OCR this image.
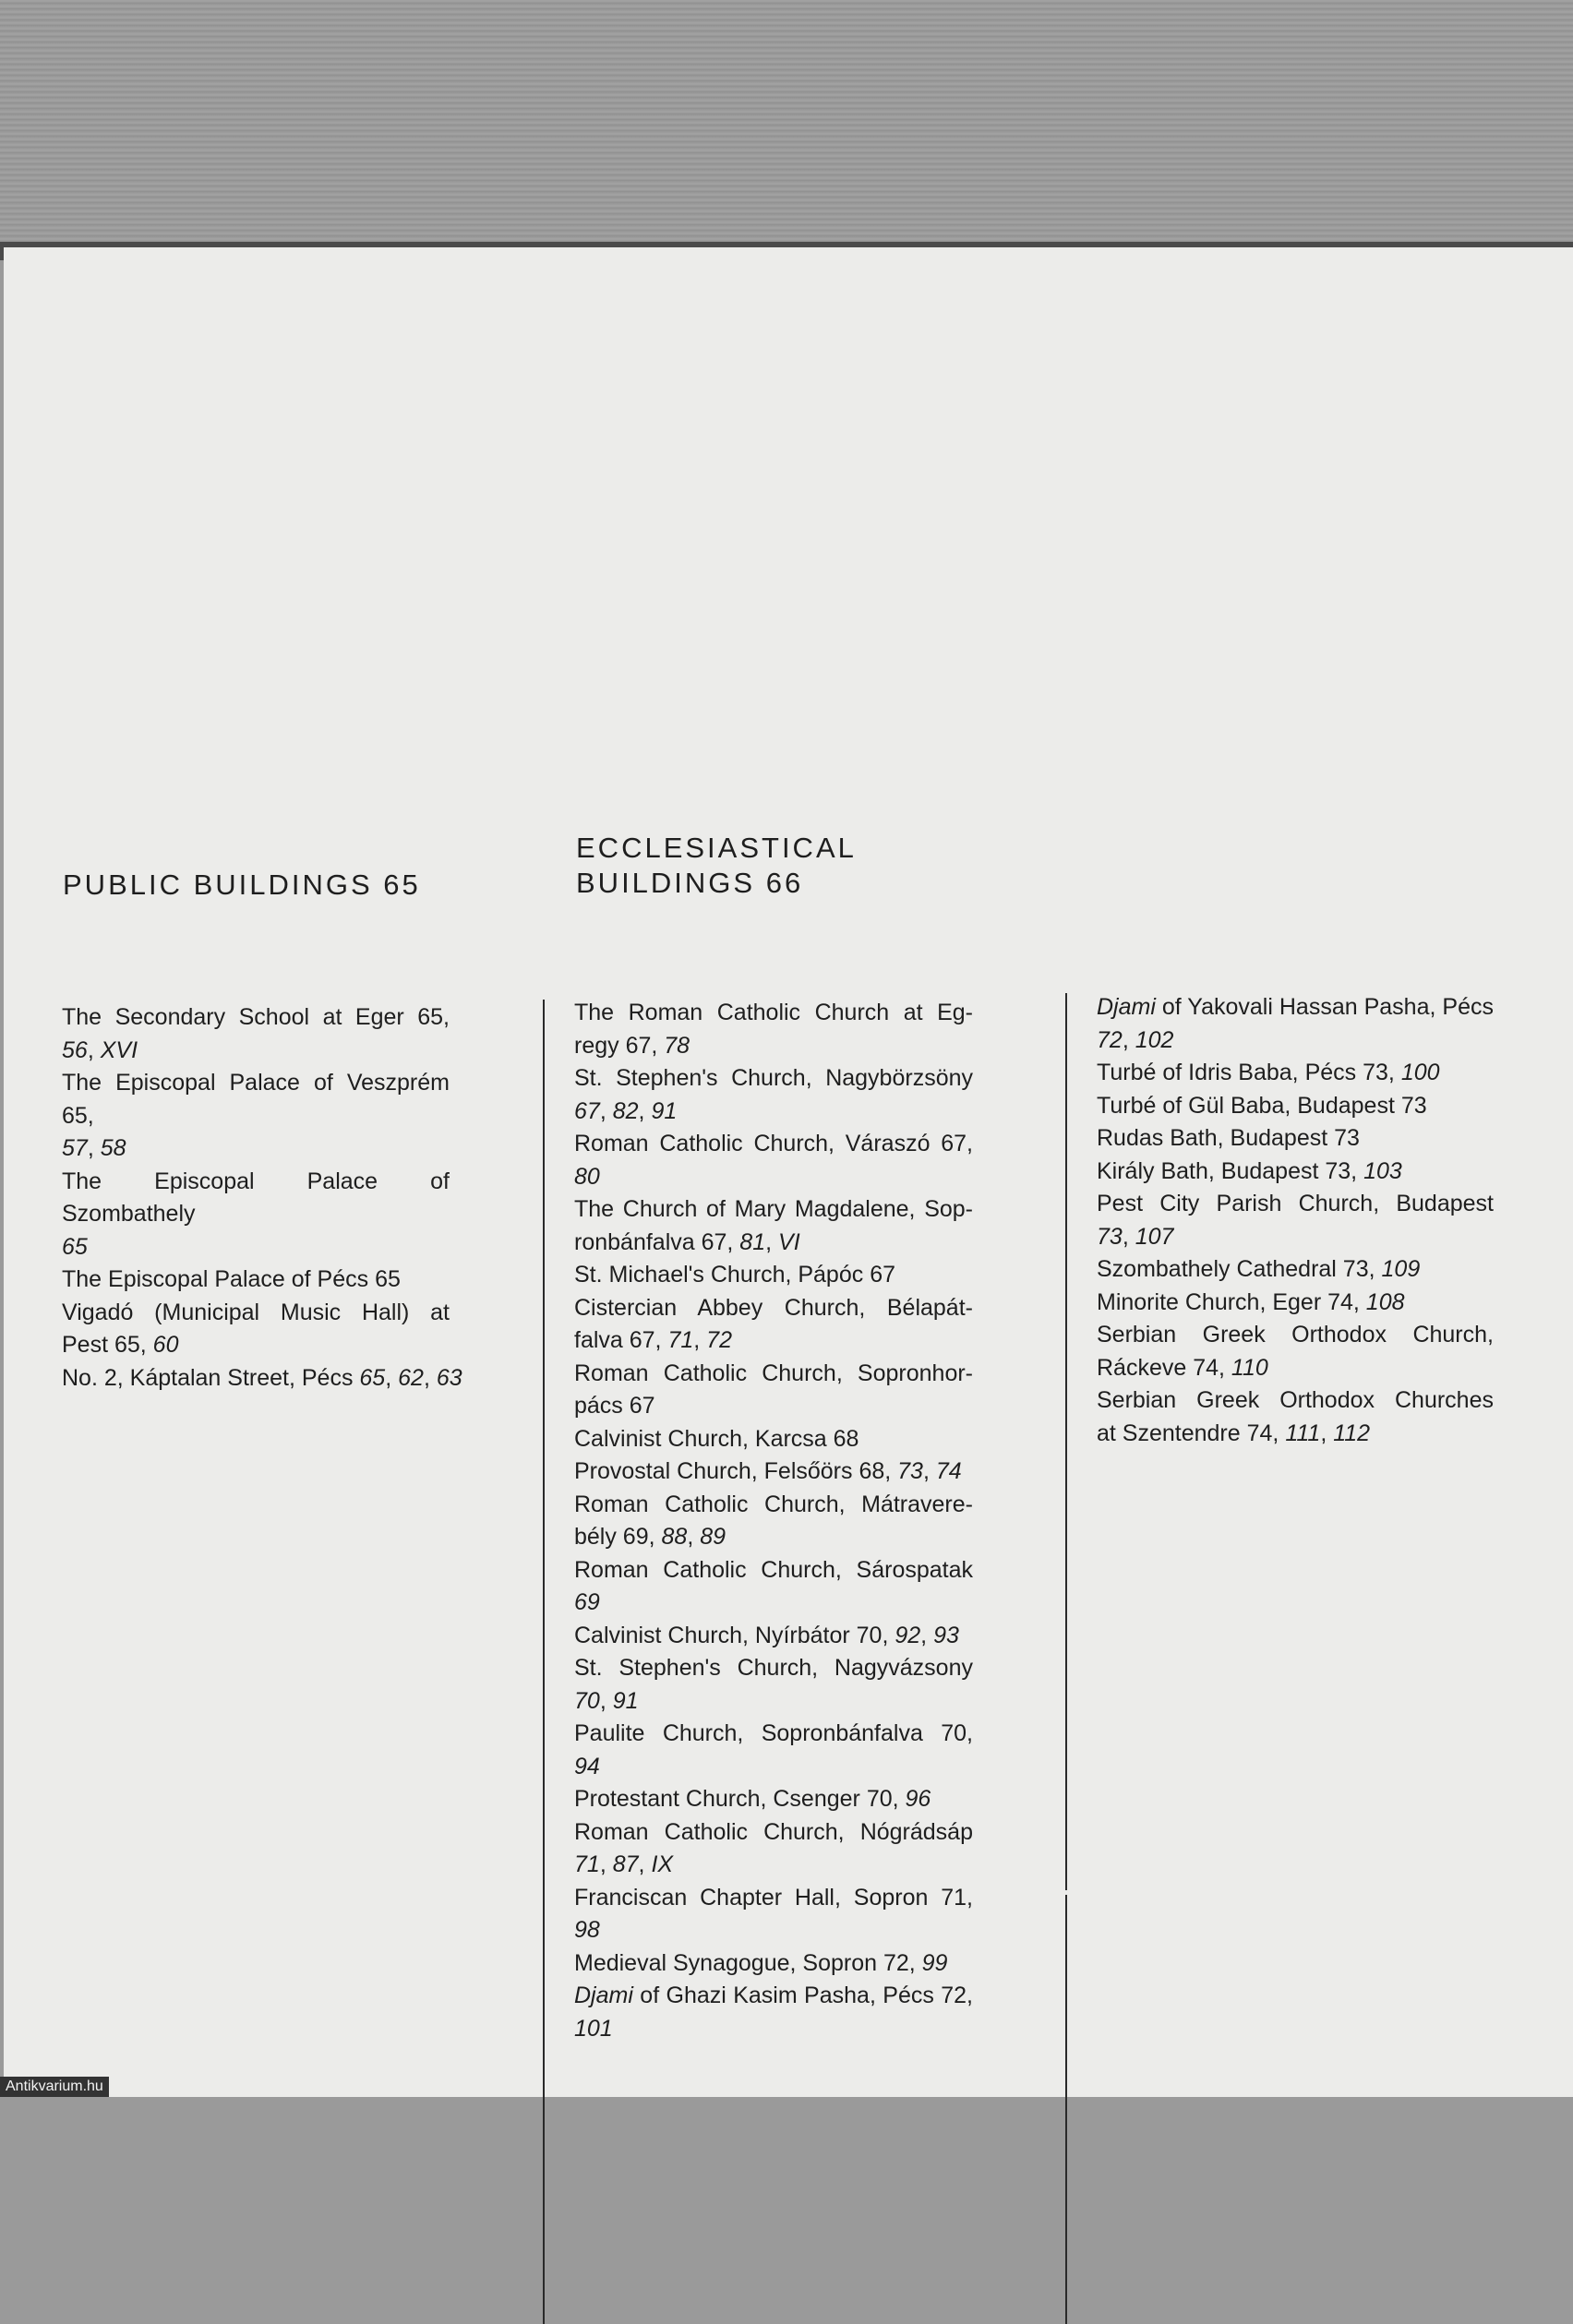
PUBLIC BUILDINGS 65
ECCLESIASTICAL
BUILDINGS 66
The Secondary School at Eger 65,
56, XVI
The Episcopal Palace of Veszprém 65,
57, 58
The Episcopal Palace of Szombathely
65
The Episcopal Palace of Pécs 65
Vigadó (Municipal Music Hall) at
Pest 65, 60
No. 2, Káptalan Street, Pécs 65, 62, 63
The Roman Catholic Church at Eg-
regy 67, 78
St. Stephen's Church, Nagybörzsöny
67, 82, 91
Roman Catholic Church, Váraszó 67,
80
The Church of Mary Magdalene, Sop-
ronbánfalva 67, 81, VI
St. Michael's Church, Pápóc 67
Cistercian Abbey Church, Bélapát-
falva 67, 71, 72
Roman Catholic Church, Sopronhor-
pács 67
Calvinist Church, Karcsa 68
Provostal Church, Felsőörs 68, 73, 74
Roman Catholic Church, Mátravere-
bély 69, 88, 89
Roman Catholic Church, Sárospatak
69
Calvinist Church, Nyírbátor 70, 92, 93
St. Stephen's Church, Nagyvázsony
70, 91
Paulite Church, Sopronbánfalva 70,
94
Protestant Church, Csenger 70, 96
Roman Catholic Church, Nógrádsáp
71, 87, IX
Franciscan Chapter Hall, Sopron 71,
98
Medieval Synagogue, Sopron 72, 99
Djami of Ghazi Kasim Pasha, Pécs 72,
101
Djami of Yakovali Hassan Pasha, Pécs
72, 102
Turbé of Idris Baba, Pécs 73, 100
Turbé of Gül Baba, Budapest 73
Rudas Bath, Budapest 73
Király Bath, Budapest 73, 103
Pest City Parish Church, Budapest
73, 107
Szombathely Cathedral 73, 109
Minorite Church, Eger 74, 108
Serbian Greek Orthodox Church,
Ráckeve 74, 110
Serbian Greek Orthodox Churches
at Szentendre 74, 111, 112
Antikvarium.hu
